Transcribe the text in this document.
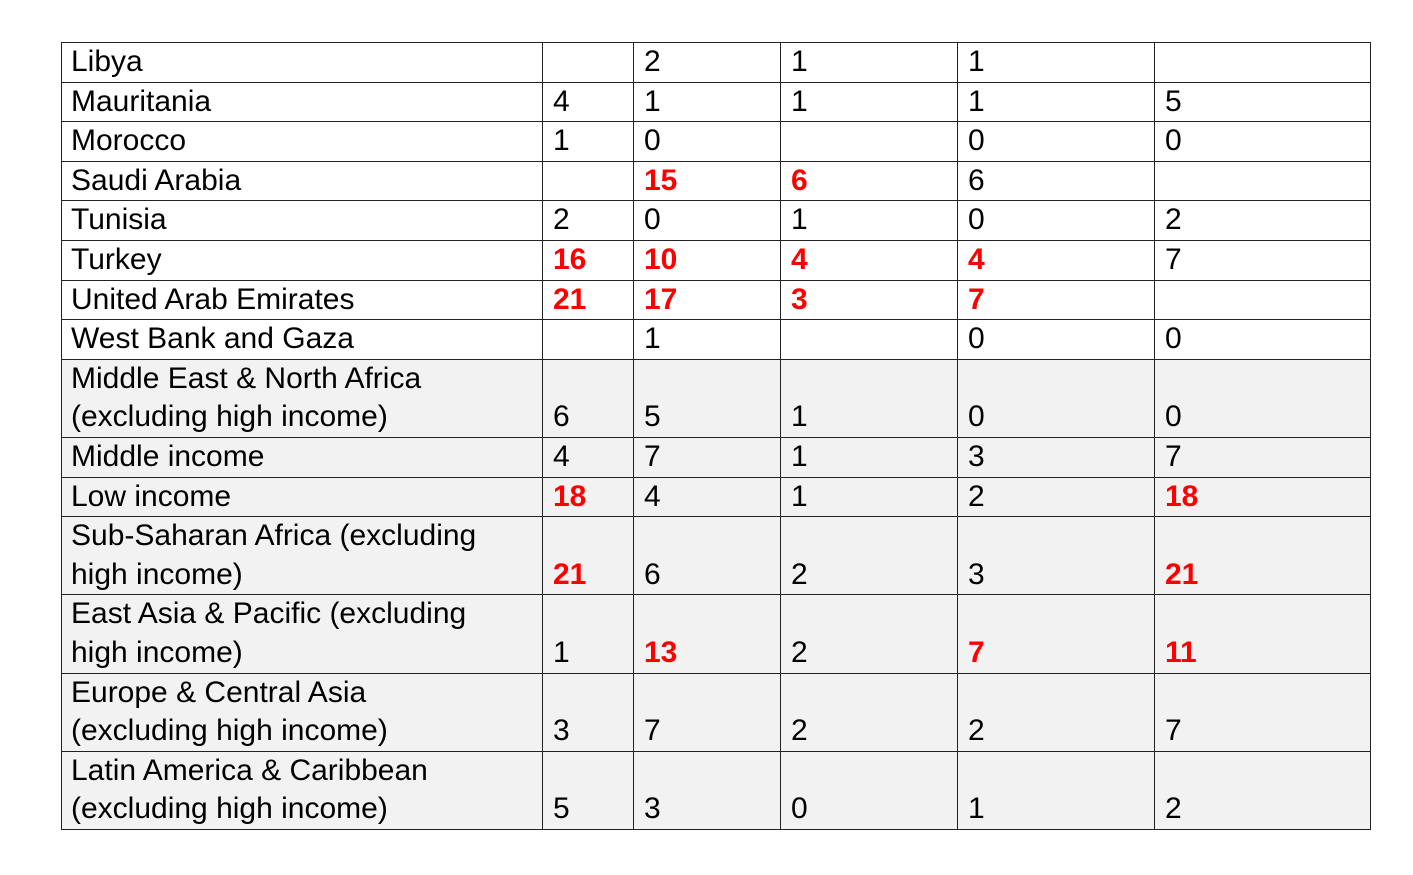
Libya		2	1	1	
Mauritania	4	1	1	1	5
Morocco	1	0		0	0
Saudi Arabia		15	6	6	
Tunisia	2	0	1	0	2
Turkey	16	10	4	4	7
United Arab Emirates	21	17	3	7	
West Bank and Gaza		1		0	0
Middle East & North Africa
(excluding high income)	6	5	1	0	0
Middle income	4	7	1	3	7
Low income	18	4	1	2	18
Sub-Saharan Africa (excluding
high income)	21	6	2	3	21
East Asia & Pacific (excluding
high income)	1	13	2	7	11
Europe & Central Asia
(excluding high income)	3	7	2	2	7
Latin America & Caribbean
(excluding high income)	5	3	0	1	2
